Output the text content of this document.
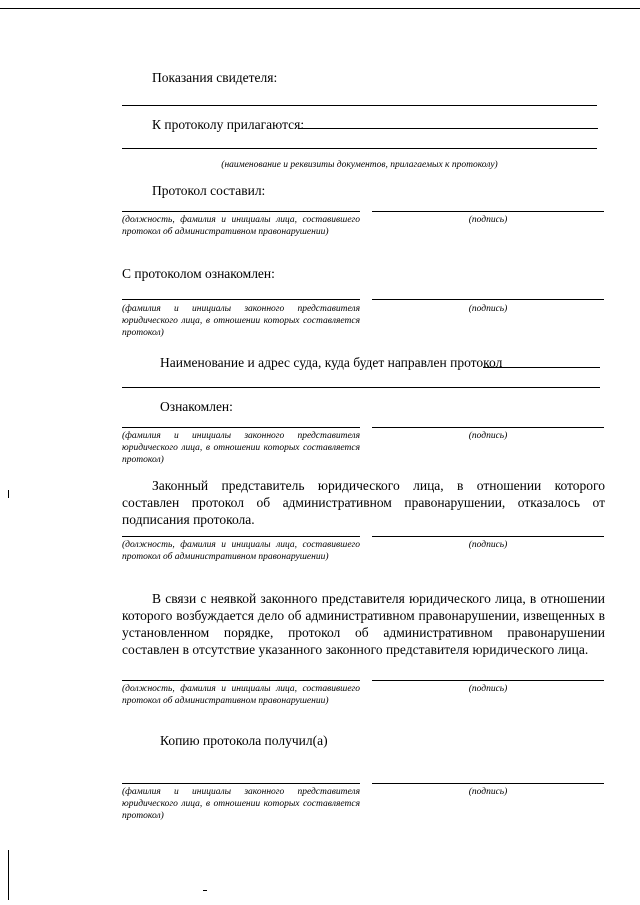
Показания свидетеля:
К протоколу прилагаются:
(наименование и реквизиты документов, прилагаемых к протоколу)
Протокол составил:
(должность, фамилия и инициалы лица, составившего протокол об административном правонарушении)
(подпись)
С протоколом ознакомлен:
(фамилия и инициалы законного представителя юридического лица, в отношении которых составляется протокол)
(подпись)
Наименование и адрес суда, куда будет направлен протокол
Ознакомлен:
(фамилия и инициалы законного представителя юридического лица, в отношении которых составляется протокол)
(подпись)
Законный представитель юридического лица, в отношении которого составлен протокол об административном правонарушении, отказалось от подписания протокола.
(должность, фамилия и инициалы лица, составившего протокол об административном правонарушении)
(подпись)
В связи с неявкой законного представителя юридического лица, в отношении которого возбуждается дело об административном правонарушении, извещенных в установленном порядке, протокол об административном правонарушении составлен в отсутствие указанного законного представителя юридического лица.
(должность, фамилия и инициалы лица, составившего протокол об административном правонарушении)
(подпись)
Копию протокола получил(а)
(фамилия и инициалы законного представителя юридического лица, в отношении которых составляется протокол)
(подпись)
